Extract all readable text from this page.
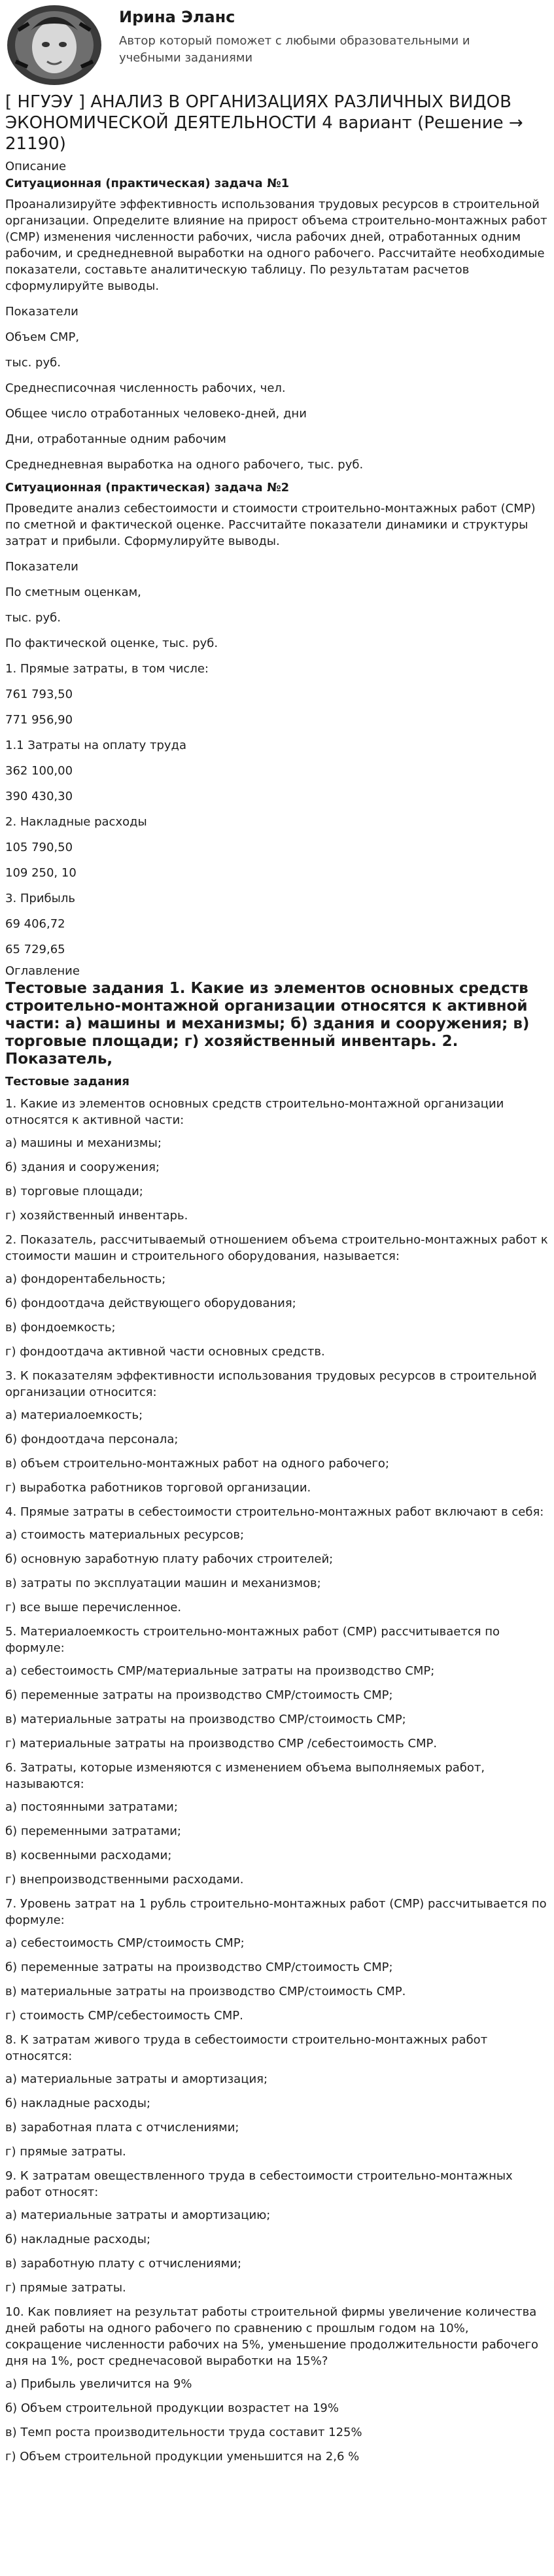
Ирина Эланс
Автор который поможет с любыми образовательными и учебными заданиями
[ НГУЭУ ] АНАЛИЗ В ОРГАНИЗАЦИЯХ РАЗЛИЧНЫХ ВИДОВ ЭКОНОМИЧЕСКОЙ ДЕЯТЕЛЬНОСТИ 4 вариант (Решение → 21190)

Описание

Ситуационная (практическая) задача №1

Проанализируйте эффективность использования трудовых ресурсов в строительной организации. Определите влияние на прирост объема строительно-монтажных работ (СМР) изменения численности рабочих, числа рабочих дней, отработанных одним рабочим, и среднедневной выработки на одного рабочего. Рассчитайте необходимые показатели, составьте аналитическую таблицу. По результатам расчетов сформулируйте выводы.

Показатели

Объем СМР,

тыс. руб.

Среднесписочная численность рабочих, чел.

Общее число отработанных человеко-дней, дни

Дни, отработанные одним рабочим

Среднедневная выработка на одного рабочего, тыс. руб.

Ситуационная (практическая) задача №2

Проведите анализ себестоимости и стоимости строительно-монтажных работ (СМР) по сметной и фактической оценке. Рассчитайте показатели динамики и структуры затрат и прибыли. Сформулируйте выводы.

Показатели

По сметным оценкам,

тыс. руб.

По фактической оценке, тыс. руб.

1. Прямые затраты, в том числе:

761 793,50

771 956,90

1.1 Затраты на оплату труда

362 100,00

390 430,30

2. Накладные расходы

105 790,50

109 250, 10

3. Прибыль

69 406,72

65 729,65

Оглавление

Тестовые задания 1. Какие из элементов основных средств строительно-монтажной организации относятся к активной части: а) машины и механизмы; б) здания и сооружения; в) торговые площади; г) хозяйственный инвентарь. 2. Показатель,

Тестовые задания

1. Какие из элементов основных средств строительно-монтажной организации относятся к активной части:

а) машины и механизмы;

б) здания и сооружения;

в) торговые площади;

г) хозяйственный инвентарь.

2. Показатель, рассчитываемый отношением объема строительно-монтажных работ к стоимости машин и строительного оборудования, называется:

а) фондорентабельность;

б) фондоотдача действующего оборудования;

в) фондоемкость;

г) фондоотдача активной части основных средств.

3. К показателям эффективности использования трудовых ресурсов в строительной организации относится:

а) материалоемкость;

б) фондоотдача персонала;

в) объем строительно-монтажных работ на одного рабочего;

г) выработка работников торговой организации.

4. Прямые затраты в себестоимости строительно-монтажных работ включают в себя:

а) стоимость материальных ресурсов;

б) основную заработную плату рабочих строителей;

в) затраты по эксплуатации машин и механизмов;

г) все выше перечисленное.

5. Материалоемкость строительно-монтажных работ (СМР) рассчитывается по формуле:

а) себестоимость СМР/материальные затраты на производство СМР;

б) переменные затраты на производство СМР/стоимость СМР;

в) материальные затраты на производство СМР/стоимость СМР;

г) материальные затраты на производство СМР /себестоимость СМР.

6. Затраты, которые изменяются с изменением объема выполняемых работ, называются:

а) постоянными затратами;

б) переменными затратами;

в) косвенными расходами;

г) внепроизводственными расходами.

7. Уровень затрат на 1 рубль строительно-монтажных работ (СМР) рассчитывается по формуле:

а) себестоимость СМР/стоимость СМР;

б) переменные затраты на производство СМР/стоимость СМР;

в) материальные затраты на производство СМР/стоимость СМР.

г) стоимость СМР/себестоимость СМР.

8. К затратам живого труда в себестоимости строительно-монтажных работ относятся:

а) материальные затраты и амортизация;

б) накладные расходы;

в) заработная плата с отчислениями;

г) прямые затраты.

9. К затратам овеществленного труда в себестоимости строительно-монтажных работ относят:

а) материальные затраты и амортизацию;

б) накладные расходы;

в) заработную плату с отчислениями;

г) прямые затраты.

10. Как повлияет на результат работы строительной фирмы увеличение количества дней работы на одного рабочего по сравнению с прошлым годом на 10%, сокращение численности рабочих на 5%, уменьшение продолжительности рабочего дня на 1%, рост среднечасовой выработки на 15%?

а) Прибыль увеличится на 9%

б) Объем строительной продукции возрастет на 19%

в) Темп роста производительности труда составит 125%

г) Объем строительной продукции уменьшится на 2,6 %
